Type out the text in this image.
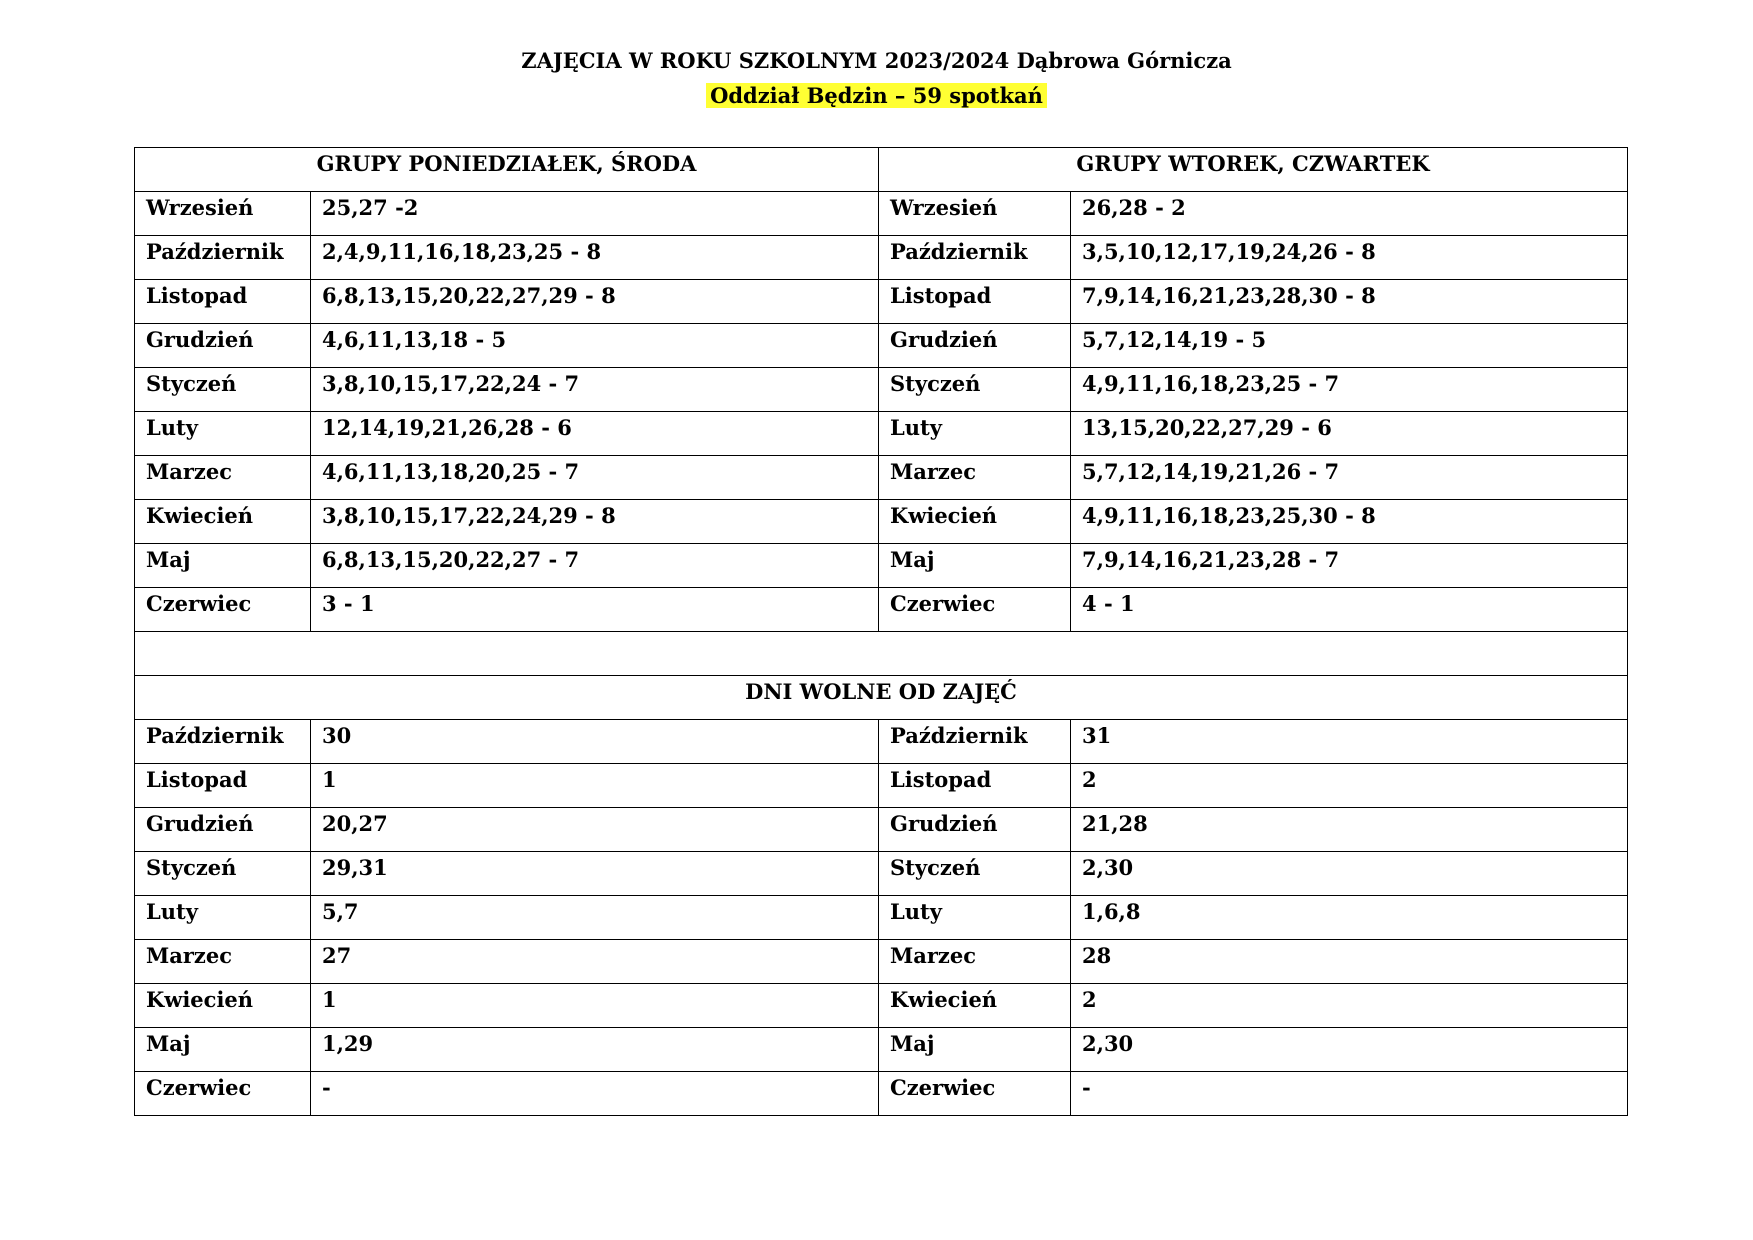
ZAJĘCIA W ROKU SZKOLNYM 2023/2024 Dąbrowa Górnicza
Oddział Będzin – 59 spotkań
GRUPY PONIEDZIAŁEK, ŚRODA		GRUPY WTOREK, CZWARTEK	
Wrzesień	25,27 -2	Wrzesień	26,28 - 2
Październik	2,4,9,11,16,18,23,25 - 8	Październik	3,5,10,12,17,19,24,26 - 8
Listopad	6,8,13,15,20,22,27,29 - 8	Listopad	7,9,14,16,21,23,28,30 - 8
Grudzień	4,6,11,13,18 - 5	Grudzień	5,7,12,14,19 - 5
Styczeń	3,8,10,15,17,22,24 - 7	Styczeń	4,9,11,16,18,23,25 - 7
Luty	12,14,19,21,26,28 - 6	Luty	13,15,20,22,27,29 - 6
Marzec	4,6,11,13,18,20,25 - 7	Marzec	5,7,12,14,19,21,26 - 7
Kwiecień	3,8,10,15,17,22,24,29 - 8	Kwiecień	4,9,11,16,18,23,25,30 - 8
Maj	6,8,13,15,20,22,27 - 7	Maj	7,9,14,16,21,23,28 - 7
Czerwiec	3 - 1	Czerwiec	4 - 1

DNI WOLNE OD ZAJĘĆ			
Październik	30	Październik	31
Listopad	1	Listopad	2
Grudzień	20,27	Grudzień	21,28
Styczeń	29,31	Styczeń	2,30
Luty	5,7	Luty	1,6,8
Marzec	27	Marzec	28
Kwiecień	1	Kwiecień	2
Maj	1,29	Maj	2,30
Czerwiec	-	Czerwiec	-
